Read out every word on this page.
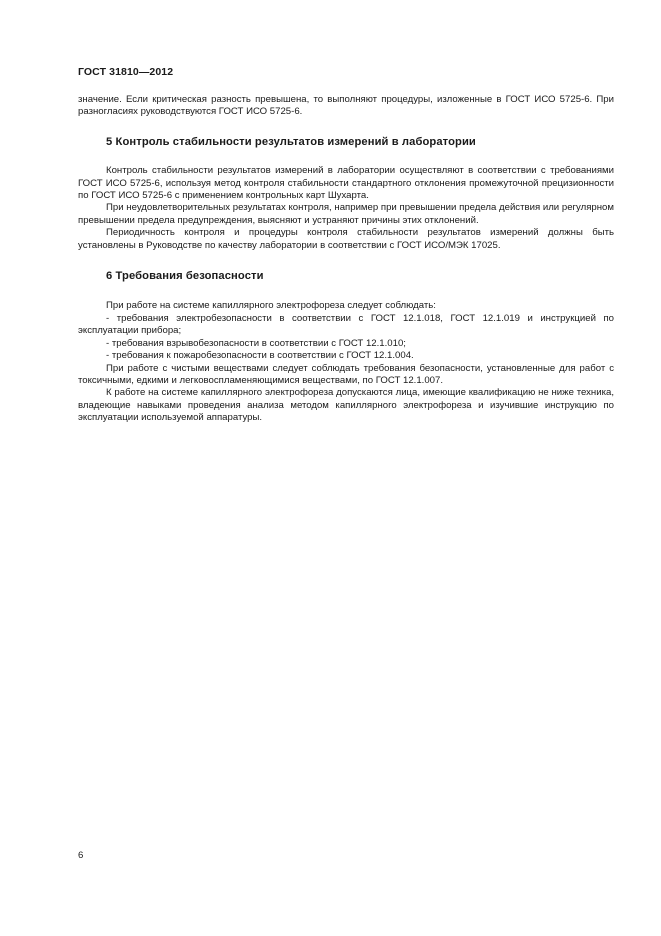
ГОСТ 31810—2012

значение. Если критическая разность превышена, то выполняют процедуры, изложенные в ГОСТ ИСО 5725-6. При разногласиях руководствуются ГОСТ ИСО 5725-6.

5 Контроль стабильности результатов измерений в лаборатории

Контроль стабильности результатов измерений в лаборатории осуществляют в соответствии с требованиями ГОСТ ИСО 5725-6, используя метод контроля стабильности стандартного отклонения промежуточной прецизионности по ГОСТ ИСО 5725-6 с применением контрольных карт Шухарта.

При неудовлетворительных результатах контроля, например при превышении предела действия или регулярном превышении предела предупреждения, выясняют и устраняют причины этих отклонений.

Периодичность контроля и процедуры контроля стабильности результатов измерений должны быть установлены в Руководстве по качеству лаборатории в соответствии с ГОСТ ИСО/МЭК 17025.

6 Требования безопасности

При работе на системе капиллярного электрофореза следует соблюдать:

- требования электробезопасности в соответствии с ГОСТ 12.1.018, ГОСТ 12.1.019 и инструкцией по эксплуатации прибора;

- требования взрывобезопасности в соответствии с ГОСТ 12.1.010;

- требования к пожаробезопасности в соответствии с ГОСТ 12.1.004.

При работе с чистыми веществами следует соблюдать требования безопасности, установленные для работ с токсичными, едкими и легковоспламеняющимися веществами, по ГОСТ 12.1.007.

К работе на системе капиллярного электрофореза допускаются лица, имеющие квалификацию не ниже техника, владеющие навыками проведения анализа методом капиллярного электрофореза и изучившие инструкцию по эксплуатации используемой аппаратуры.

6
